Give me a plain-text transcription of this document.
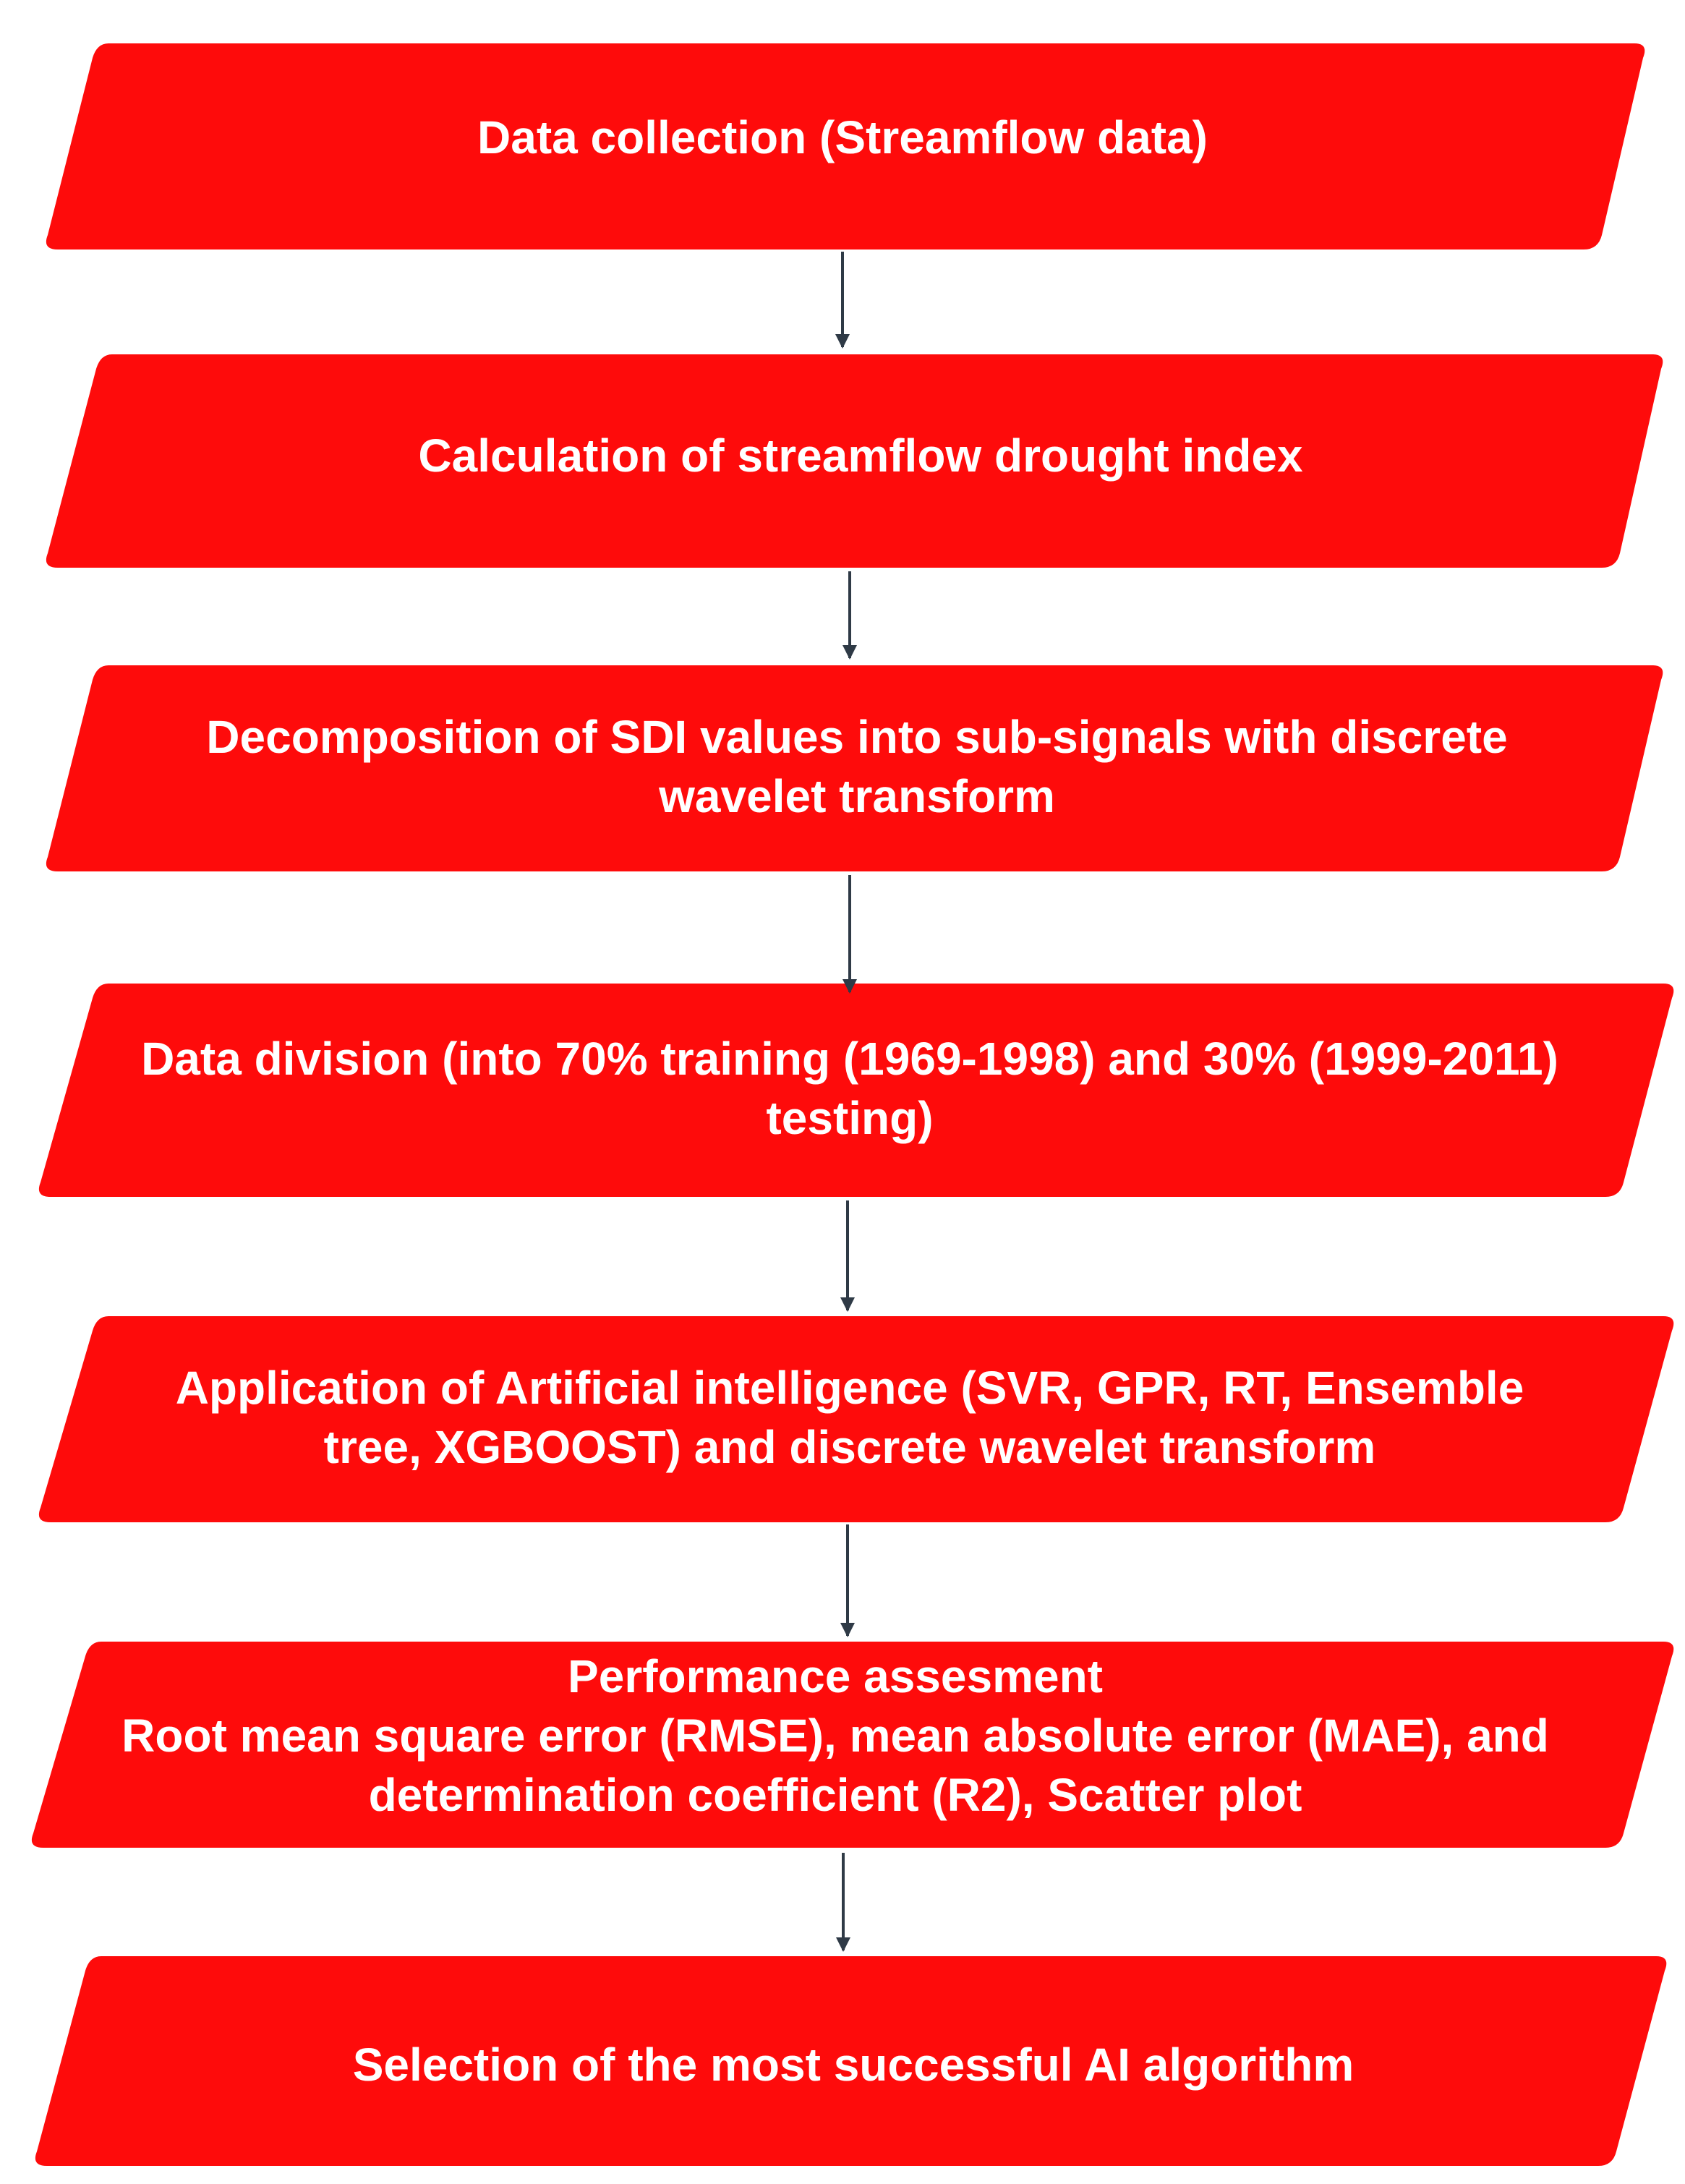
Data collection (Streamflow data)
Calculation of streamflow drought index
Decomposition of SDI values into sub-signals with discrete
wavelet transform
Data division (into 70% training (1969-1998) and 30% (1999-2011)
testing)
Application of Artificial intelligence (SVR, GPR, RT, Ensemble
tree, XGBOOST) and discrete wavelet transform
Performance assesment
Root mean square error (RMSE), mean absolute error (MAE), and
determination coefficient (R2), Scatter plot
Selection of the most successful AI algorithm
